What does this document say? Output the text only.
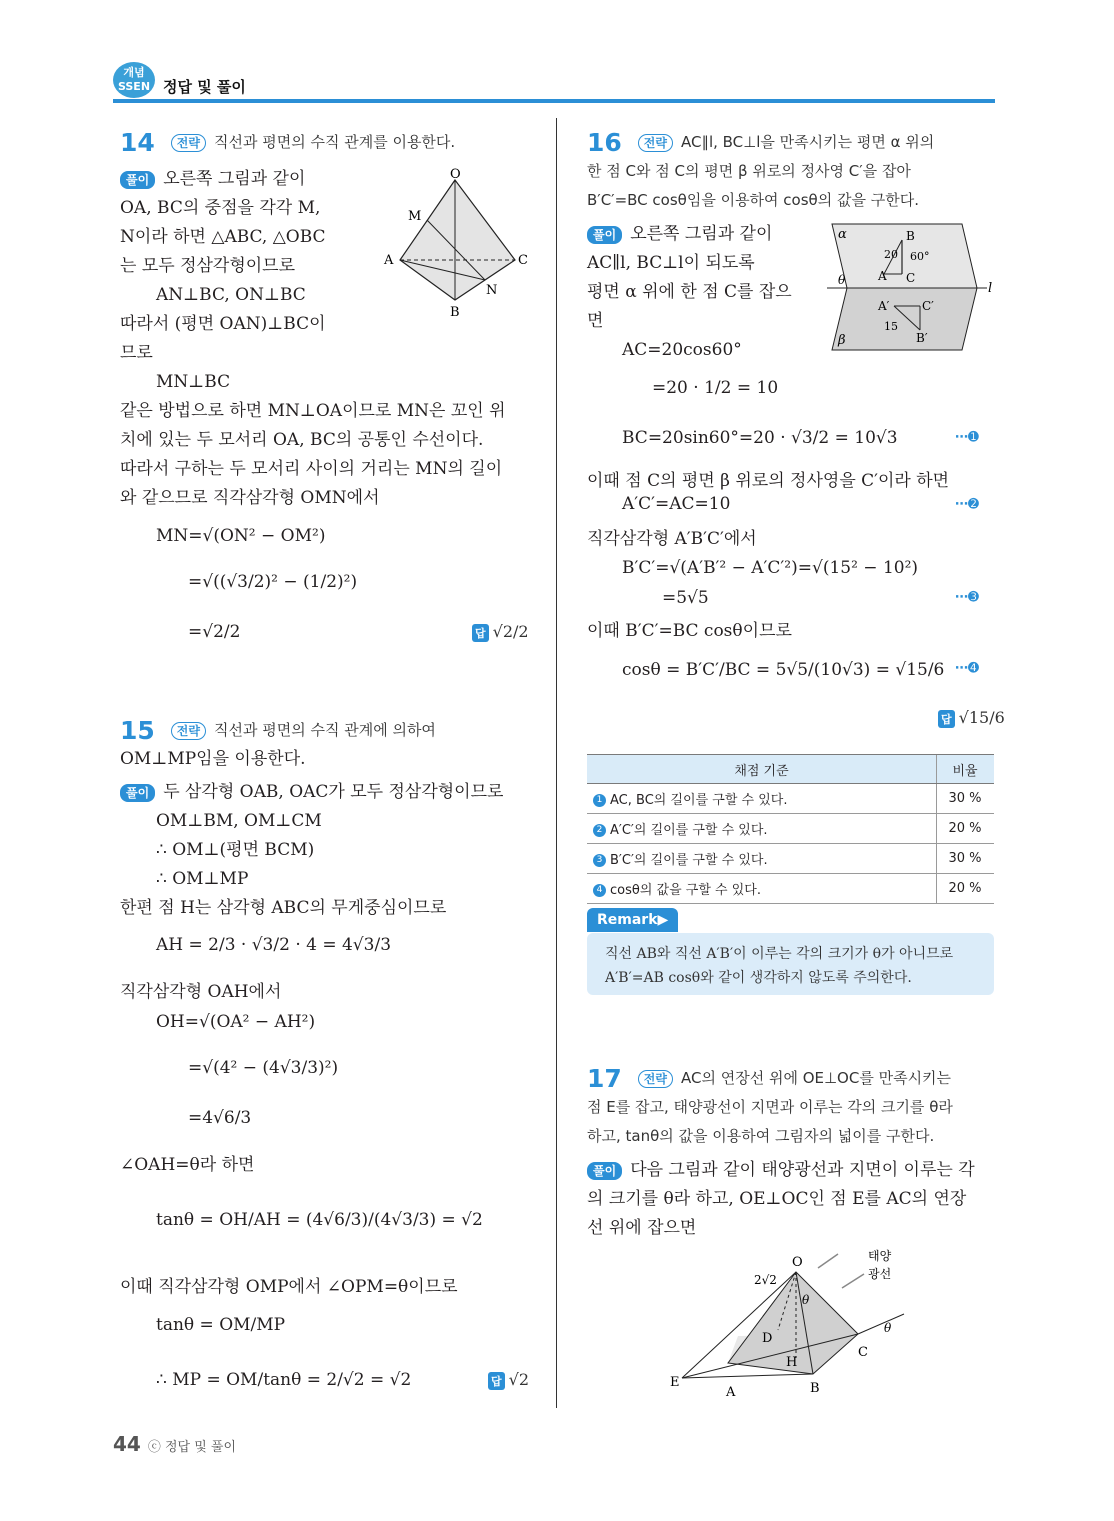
개념
SSEN 정답 및 풀이
14 전략 직선과 평면의 수직 관계를 이용한다.
풀이 오른쪽 그림과 같이
OA, BC의 중점을 각각 M,
N이라 하면 △ABC, △OBC
는 모두 정삼각형이므로
AN⊥BC, ON⊥BC
따라서 (평면 OAN)⊥BC이
므로
MN⊥BC
같은 방법으로 하면 MN⊥OA이므로 MN은 꼬인 위
치에 있는 두 모서리 OA, BC의 공통인 수선이다.
따라서 구하는 두 모서리 사이의 거리는 MN의 길이
와 같으므로 직각삼각형 OMN에서
MN=√(ON² − OM²)
=√((√3/2)² − (1/2)²)
=√2/2	답 √2/2
O
M
A	C
N
B
15 전략 직선과 평면의 수직 관계에 의하여
OM⊥MP임을 이용한다.
풀이 두 삼각형 OAB, OAC가 모두 정삼각형이므로
OM⊥BM, OM⊥CM
∴ OM⊥(평면 BCM)
∴ OM⊥MP
한편 점 H는 삼각형 ABC의 무게중심이므로
AH = 2/3 · √3/2 · 4 = 4√3/3
직각삼각형 OAH에서
OH=√(OA² − AH²)
=√(4² − (4√3/3)²)
=4√6/3
∠OAH=θ라 하면
tanθ = OH/AH = (4√6/3)/(4√3/3) = √2
이때 직각삼각형 OMP에서 ∠OPM=θ이므로
tanθ = OM/MP
∴ MP = OM/tanθ = 2/√2 = √2	답 √2
16 전략 AC∥l, BC⊥l을 만족시키는 평면 α 위의
한 점 C와 점 C의 평면 β 위로의 정사영 C′을 잡아
B′C′=BC cosθ임을 이용하여 cosθ의 값을 구한다.
풀이 오른쪽 그림과 같이
AC∥l, BC⊥l이 되도록
평면 α 위에 한 점 C를 잡으
면
AC=20cos60°
=20 · 1/2 = 10
BC=20sin60°=20 · √3/2 = 10√3	⋯➊
이때 점 C의 평면 β 위로의 정사영을 C′이라 하면
A′C′=AC=10	⋯➋
직각삼각형 A′B′C′에서
B′C′=√(A′B′² − A′C′²)=√(15² − 10²)
=5√5	⋯➌
이때 B′C′=BC cosθ이므로
cosθ = B′C′/BC = 5√5/(10√3) = √15/6 ⋯➍
답 √15/6
α	B
20 60°
θ	A C
l
A′	C′
15
B′
β
채점 기준	비율
1 AC, BC의 길이를 구할 수 있다.	30 %
2 A′C′의 길이를 구할 수 있다.	20 %
3 B′C′의 길이를 구할 수 있다.	30 %
4 cosθ의 값을 구할 수 있다.	20 %
Remark▶
직선 AB와 직선 A′B′이 이루는 각의 크기가 θ가 아니므로
A′B′=AB cosθ와 같이 생각하지 않도록 주의한다.
17 전략 AC의 연장선 위에 OE⊥OC를 만족시키는
점 E를 잡고, 태양광선이 지면과 이루는 각의 크기를 θ라
하고, tanθ의 값을 이용하여 그림자의 넓이를 구한다.
풀이 다음 그림과 같이 태양광선과 지면이 이루는 각
의 크기를 θ라 하고, OE⊥OC인 점 E를 AC의 연장
선 위에 잡으면
O	태양
광선
2√2
θ
D
C
θ
H
E
A	B
44 ⓒ 정답 및 풀이
